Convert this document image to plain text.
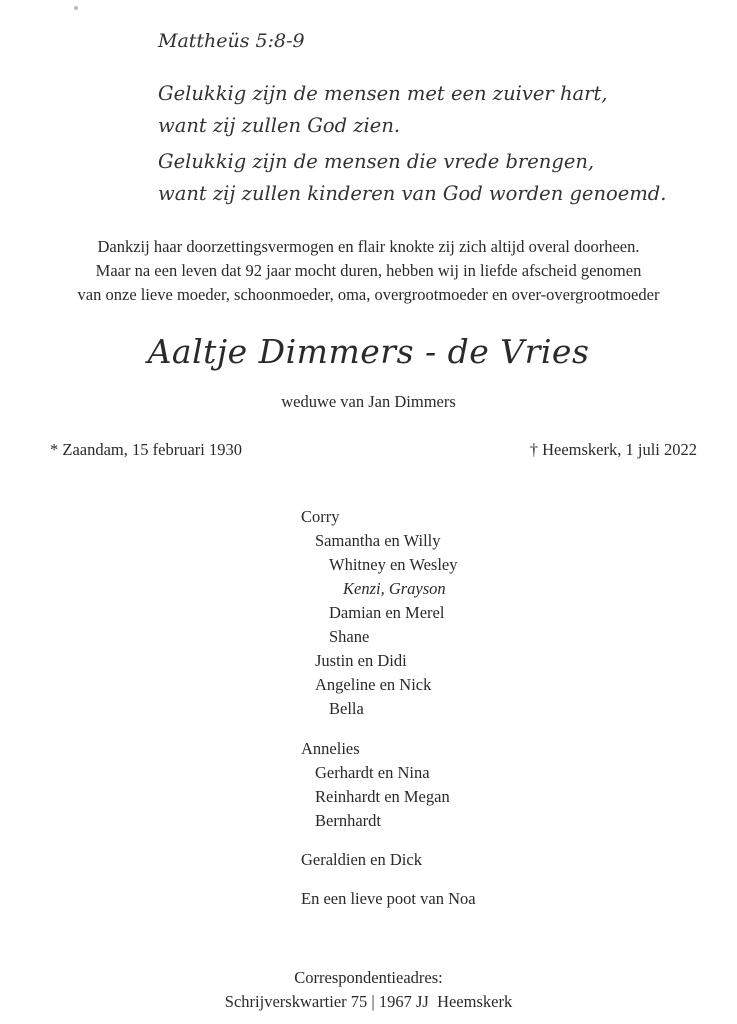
Mattheüs 5:8-9
Gelukkig zijn de mensen met een zuiver hart,
want zij zullen God zien.
Gelukkig zijn de mensen die vrede brengen,
want zij zullen kinderen van God worden genoemd.
Dankzij haar doorzettingsvermogen en flair knokte zij zich altijd overal doorheen.
Maar na een leven dat 92 jaar mocht duren, hebben wij in liefde afscheid genomen
van onze lieve moeder, schoonmoeder, oma, overgrootmoeder en over-overgrootmoeder
Aaltje Dimmers - de Vries
weduwe van Jan Dimmers
* Zaandam, 15 februari 1930	† Heemskerk, 1 juli 2022
Corry
Samantha en Willy
Whitney en Wesley
Kenzi, Grayson
Damian en Merel
Shane
Justin en Didi
Angeline en Nick
Bella
Annelies
Gerhardt en Nina
Reinhardt en Megan
Bernhardt
Geraldien en Dick
En een lieve poot van Noa
Correspondentieadres:
Schrijverskwartier 75 | 1967 JJ  Heemskerk
